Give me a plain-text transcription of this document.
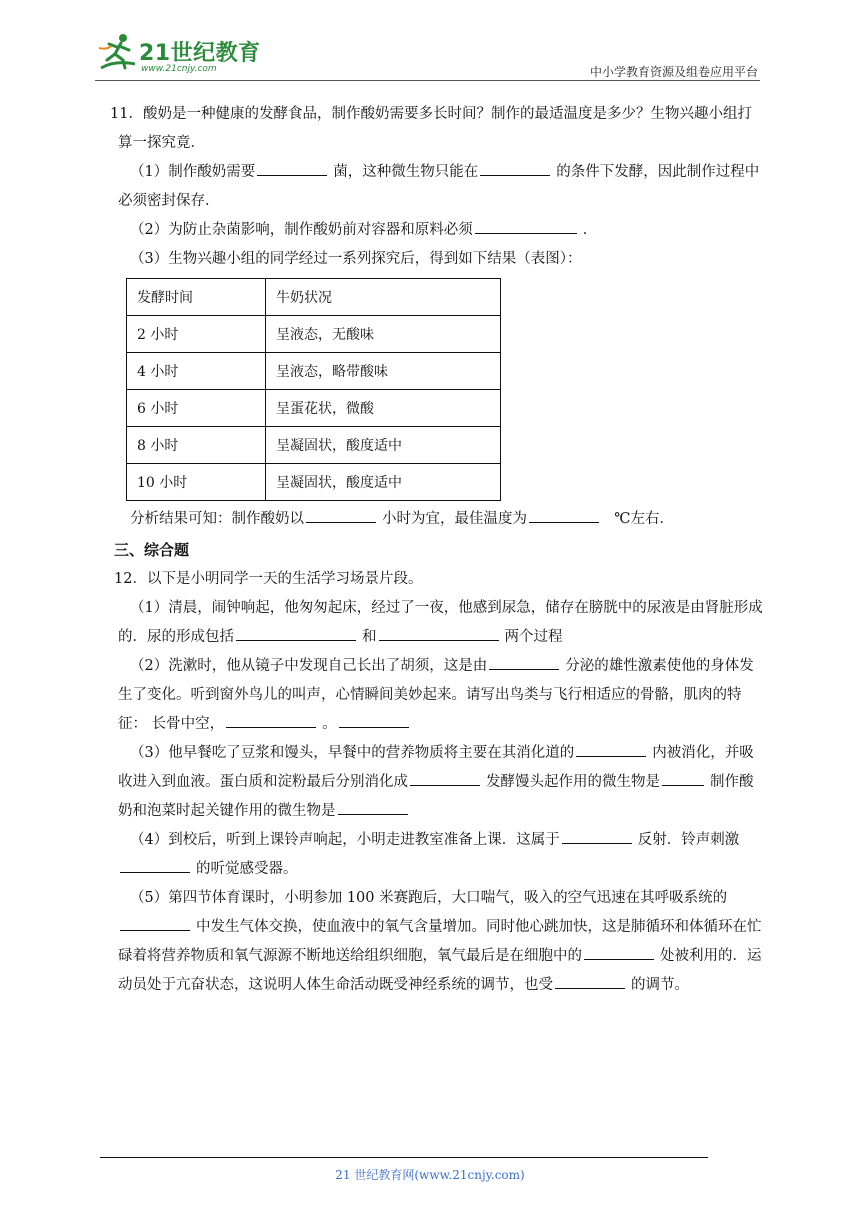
21世纪教育
www.21cnjy.com	中小学教育资源及组卷应用平台

11．酸奶是一种健康的发酵食品，制作酸奶需要多长时间？制作的最适温度是多少？生物兴趣小组打算一探究竟．

（1）制作酸奶需要	菌，这种微生物只能在	的条件下发酵，因此制作过程中必须密封保存．

（2）为防止杂菌影响，制作酸奶前对容器和原料必须	．

（3）生物兴趣小组的同学经过一系列探究后，得到如下结果（表图）：

发酵时间	牛奶状况
2 小时	呈液态，无酸味
4 小时	呈液态，略带酸味
6 小时	呈蛋花状，微酸
8 小时	呈凝固状，酸度适中
10 小时	呈凝固状，酸度适中

分析结果可知：制作酸奶以	小时为宜，最佳温度为	℃左右．

三、综合题

12．以下是小明同学一天的生活学习场景片段。

（1）清晨，闹钟响起，他匆匆起床，经过了一夜，他感到尿急，储存在膀胱中的尿液是由肾脏形成的．尿的形成包括	和	两个过程

（2）洗漱时，他从镜子中发现自己长出了胡须，这是由	分泌的雄性激素使他的身体发生了变化。听到窗外鸟儿的叫声，心情瞬间美妙起来。请写出鸟类与飞行相适应的骨骼，肌肉的特征： 长骨中空，	。

（3）他早餐吃了豆浆和馒头，早餐中的营养物质将主要在其消化道的	内被消化，并吸收进入到血液。蛋白质和淀粉最后分别消化成	发酵馒头起作用的微生物是	制作酸奶和泡菜时起关键作用的微生物是

（4）到校后，听到上课铃声响起，小明走进教室准备上课．这属于	反射．铃声刺激的听觉感受器。

（5）第四节体育课时，小明参加 100 米赛跑后，大口喘气，吸入的空气迅速在其呼吸系统的中发生气体交换，使血液中的氧气含量增加。同时他心跳加快，这是肺循环和体循环在忙碌着将营养物质和氧气源源不断地送给组织细胞，氧气最后是在细胞中的	处被利用的．运动员处于亢奋状态，这说明人体生命活动既受神经系统的调节，也受	的调节。

21 世纪教育网(www.21cnjy.com)
